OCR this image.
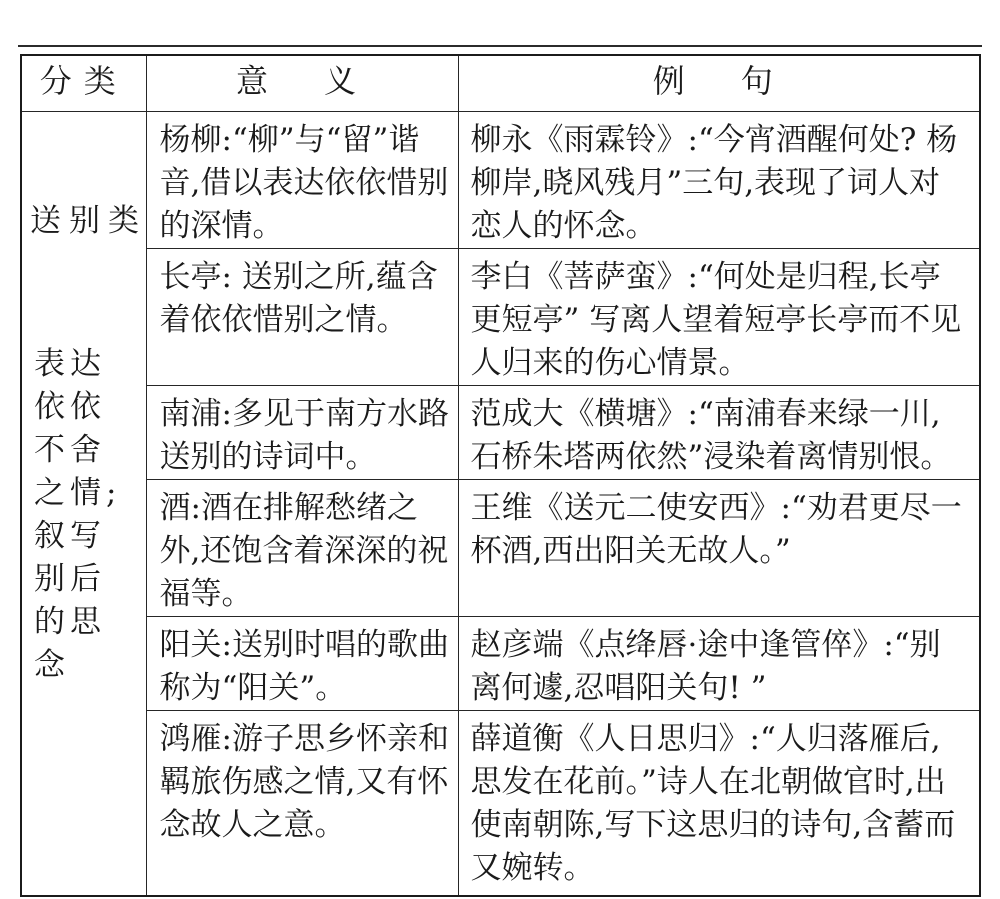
分类	意　义	例　句

送别类
表达依依不舍之情;叙写别后的思念	杨柳:“柳”与“留”谐音,借以表达依依惜别的深情。	柳永《雨霖铃》:“今宵酒醒何处? 杨柳岸,晓风残月”三句,表现了词人对恋人的怀念。
	长亭: 送别之所,蕴含着依依惜别之情。	李白《菩萨蛮》:“何处是归程,长亭更短亭” 写离人望着短亭长亭而不见人归来的伤心情景。
	南浦:多见于南方水路送别的诗词中。	范成大《横塘》:“南浦春来绿一川,石桥朱塔两依然”浸染着离情别恨。
	酒:酒在排解愁绪之外,还饱含着深深的祝福等。	王维《送元二使安西》:“劝君更尽一杯酒,西出阳关无故人。”
	阳关:送别时唱的歌曲称为“阳关”。	赵彦端《点绛唇·途中逢管倅》:“别离何遽,忍唱阳关句! ”
	鸿雁:游子思乡怀亲和羁旅伤感之情,又有怀念故人之意。	薛道衡《人日思归》:“人归落雁后,思发在花前。”诗人在北朝做官时,出使南朝陈,写下这思归的诗句,含蓄而又婉转。
